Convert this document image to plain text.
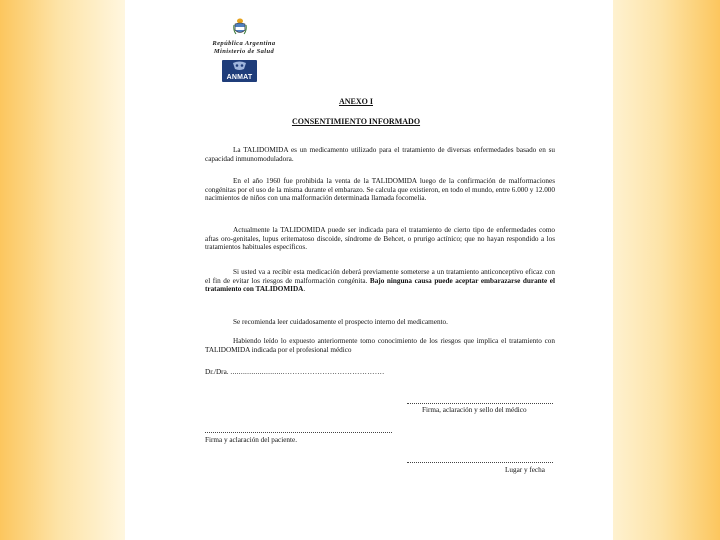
República Argentina
Ministerio de Salud
ANMAT
ANEXO I
CONSENTIMIENTO INFORMADO

La TALIDOMIDA es un medicamento utilizado para el tratamiento de diversas enfermedades basado en su capacidad inmunomoduladora.

En el año 1960 fue prohibida la venta de la TALIDOMIDA luego de la confirmación de malformaciones congénitas por el uso de la misma durante el embarazo. Se calcula que existieron, en todo el mundo, entre 6.000 y 12.000 nacimientos de niños con una malformación determinada llamada focomelia.

Actualmente la TALIDOMIDA puede ser indicada para el tratamiento de cierto tipo de enfermedades como aftas oro-genitales, lupus eritematoso discoide, síndrome de Behcet, o prurigo actínico; que no hayan respondido a los tratamientos habituales específicos.

Si usted va a recibir esta medicación deberá previamente someterse a un tratamiento anticonceptivo eficaz con el fin de evitar los riesgos de malformación congénita. Bajo ninguna causa puede aceptar embarazarse durante el tratamiento con TALIDOMIDA.

Se recomienda leer cuidadosamente el prospecto interno del medicamento.

Habiendo leído lo expuesto anteriormente tomo conocimiento de los riesgos que implica el tratamiento con TALIDOMIDA indicada por el profesional médico

Dr./Dra. ..........................………………………………….
Firma, aclaración y sello del médico
Firma y aclaración del paciente.
Lugar y fecha
